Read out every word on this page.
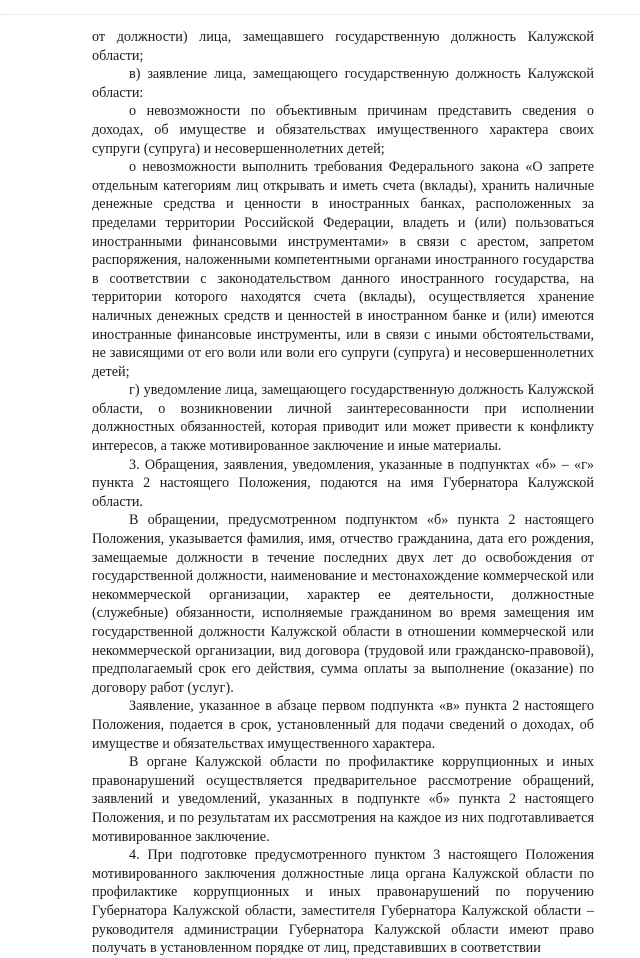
от должности) лица, замещавшего государственную должность Калужской области;

в) заявление лица, замещающего государственную должность Калужской области:

о невозможности по объективным причинам представить сведения о доходах, об имуществе и обязательствах имущественного характера своих супруги (супруга) и несовершеннолетних детей;

о невозможности выполнить требования Федерального закона «О запрете отдельным категориям лиц открывать и иметь счета (вклады), хранить наличные денежные средства и ценности в иностранных банках, расположенных за пределами территории Российской Федерации, владеть и (или) пользоваться иностранными финансовыми инструментами» в связи с арестом, запретом распоряжения, наложенными компетентными органами иностранного государства в соответствии с законодательством данного иностранного государства, на территории которого находятся счета (вклады), осуществляется хранение наличных денежных средств и ценностей в иностранном банке и (или) имеются иностранные финансовые инструменты, или в связи с иными обстоятельствами, не зависящими от его воли или воли его супруги (супруга) и несовершеннолетних детей;

г) уведомление лица, замещающего государственную должность Калужской области, о возникновении личной заинтересованности при исполнении должностных обязанностей, которая приводит или может привести к конфликту интересов, а также мотивированное заключение и иные материалы.

3. Обращения, заявления, уведомления, указанные в подпунктах «б» – «г» пункта 2 настоящего Положения, подаются на имя Губернатора Калужской области.

В обращении, предусмотренном подпунктом «б» пункта 2 настоящего Положения, указывается фамилия, имя, отчество гражданина, дата его рождения, замещаемые должности в течение последних двух лет до освобождения от государственной должности, наименование и местонахождение коммерческой или некоммерческой организации, характер ее деятельности, должностные (служебные) обязанности, исполняемые гражданином во время замещения им государственной должности Калужской области в отношении коммерческой или некоммерческой организации, вид договора (трудовой или гражданско-правовой), предполагаемый срок его действия, сумма оплаты за выполнение (оказание) по договору работ (услуг).

Заявление, указанное в абзаце первом подпункта «в» пункта 2 настоящего Положения, подается в срок, установленный для подачи сведений о доходах, об имуществе и обязательствах имущественного характера.

В органе Калужской области по профилактике коррупционных и иных правонарушений осуществляется предварительное рассмотрение обращений, заявлений и уведомлений, указанных в подпункте «б» пункта 2 настоящего Положения, и по результатам их рассмотрения на каждое из них подготавливается мотивированное заключение.

4. При подготовке предусмотренного пунктом 3 настоящего Положения мотивированного заключения должностные лица органа Калужской области по профилактике коррупционных и иных правонарушений по поручению Губернатора Калужской области, заместителя Губернатора Калужской области – руководителя администрации Губернатора Калужской области имеют право получать в установленном порядке от лиц, представивших в соответствии
